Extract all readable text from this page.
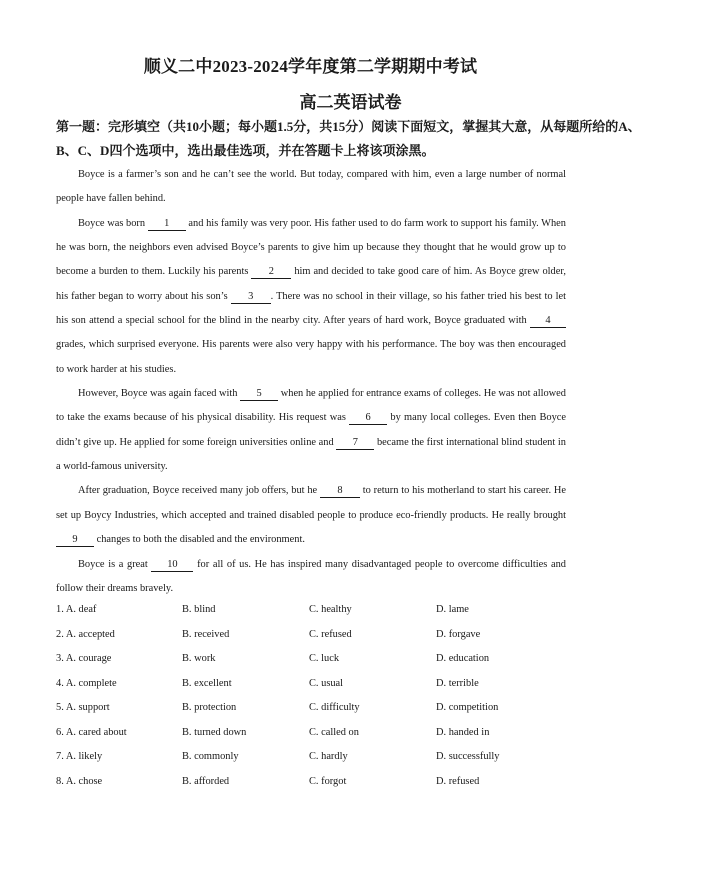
顺义二中2023-2024学年度第二学期期中考试
高二英语试卷
第一题：完形填空（共10小题；每小题1.5分，共15分）阅读下面短文，掌握其大意，从每题所给的A、B、C、D四个选项中，选出最佳选项，并在答题卡上将该项涂黑。

Boyce is a farmer’s son and he can’t see the world. But today, compared with him, even a large number of normal people have fallen behind.

Boyce was born 1 and his family was very poor. His father used to do farm work to support his family. When he was born, the neighbors even advised Boyce’s parents to give him up because they thought that he would grow up to become a burden to them. Luckily his parents 2 him and decided to take good care of him. As Boyce grew older, his father began to worry about his son’s 3 . There was no school in their village, so his father tried his best to let his son attend a special school for the blind in the nearby city. After years of hard work, Boyce graduated with 4 grades, which surprised everyone. His parents were also very happy with his performance. The boy was then encouraged to work harder at his studies.

However, Boyce was again faced with 5 when he applied for entrance exams of colleges. He was not allowed to take the exams because of his physical disability. His request was 6 by many local colleges. Even then Boyce didn’t give up. He applied for some foreign universities online and 7 became the first international blind student in a world-famous university.

After graduation, Boyce received many job offers, but he 8 to return to his motherland to start his career. He set up Boycy Industries, which accepted and trained disabled people to produce eco-friendly products. He really brought 9 changes to both the disabled and the environment.

Boyce is a great 10 for all of us. He has inspired many disadvantaged people to overcome difficulties and follow their dreams bravely.

1. A. deaf	B. blind	C. healthy	D. lame
2. A. accepted	B. received	C. refused	D. forgave
3. A. courage	B. work	C. luck	D. education
4. A. complete	B. excellent	C. usual	D. terrible
5. A. support	B. protection	C. difficulty	D. competition
6. A. cared about	B. turned down	C. called on	D. handed in
7. A. likely	B. commonly	C. hardly	D. successfully
8. A. chose	B. afforded	C. forgot	D. refused
